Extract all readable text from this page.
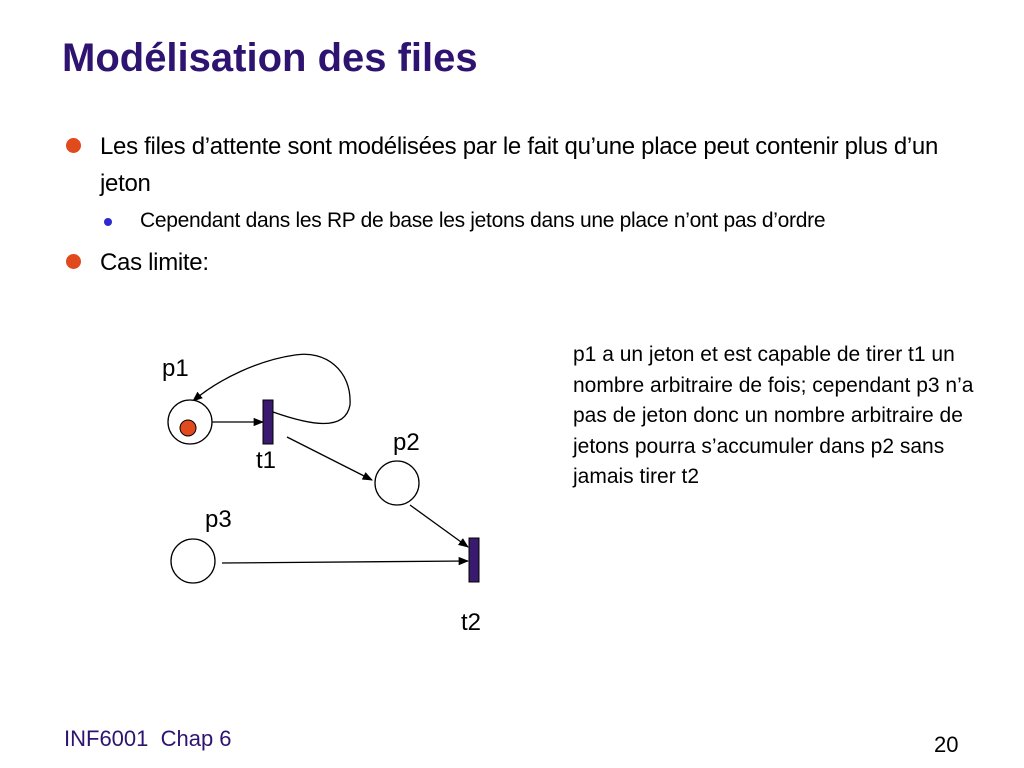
Modélisation des files
Les files d’attente sont modélisées par le fait qu’une place peut contenir plus d’un jeton
Cependant dans les RP de base les jetons dans une place n’ont pas d’ordre
Cas limite:
p1
t1
p2
p3
t2

p1 a un jeton et est capable de tirer t1 un nombre arbitraire de fois; cependant p3 n’a pas de jeton donc un nombre arbitraire de jetons pourra s’accumuler dans p2 sans jamais tirer t2

INF6001  Chap 6	20
